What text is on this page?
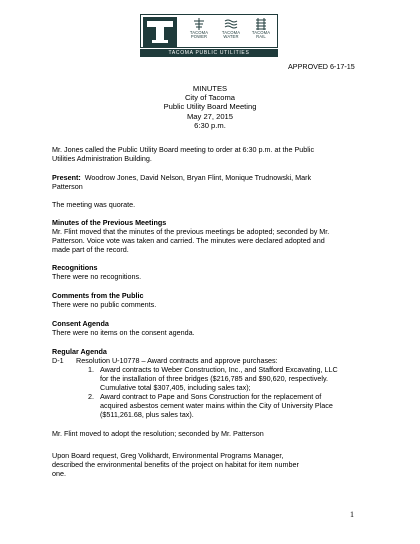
TACOMA
POWER
TACOMA
WATER
TACOMA
RAIL
TACOMA PUBLIC UTILITIES
APPROVED 6-17-15
MINUTES
City of Tacoma
Public Utility Board Meeting
May 27, 2015
6:30 p.m.
Mr. Jones called the Public Utility Board meeting to order at 6:30 p.m. at the Public
Utilities Administration Building.
Present: Woodrow Jones, David Nelson, Bryan Flint, Monique Trudnowski, Mark
Patterson
The meeting was quorate.
Minutes of the Previous Meetings
Mr. Flint moved that the minutes of the previous meetings be adopted; seconded by Mr.
Patterson. Voice vote was taken and carried. The minutes were declared adopted and
made part of the record.
Recognitions
There were no recognitions.
Comments from the Public
There were no public comments.
Consent Agenda
There were no items on the consent agenda.
Regular Agenda
D-1 Resolution U-10778 – Award contracts and approve purchases:
1. Award contracts to Weber Construction, Inc., and Stafford Excavating, LLC
for the installation of three bridges ($216,785 and $90,620, respectively.
Cumulative total $307,405, including sales tax);
2. Award contract to Pape and Sons Construction for the replacement of
acquired asbestos cement water mains within the City of University Place
($511,261.68, plus sales tax).
Mr. Flint moved to adopt the resolution; seconded by Mr. Patterson
Upon Board request, Greg Volkhardt, Environmental Programs Manager,
described the environmental benefits of the project on habitat for item number
one.
1
